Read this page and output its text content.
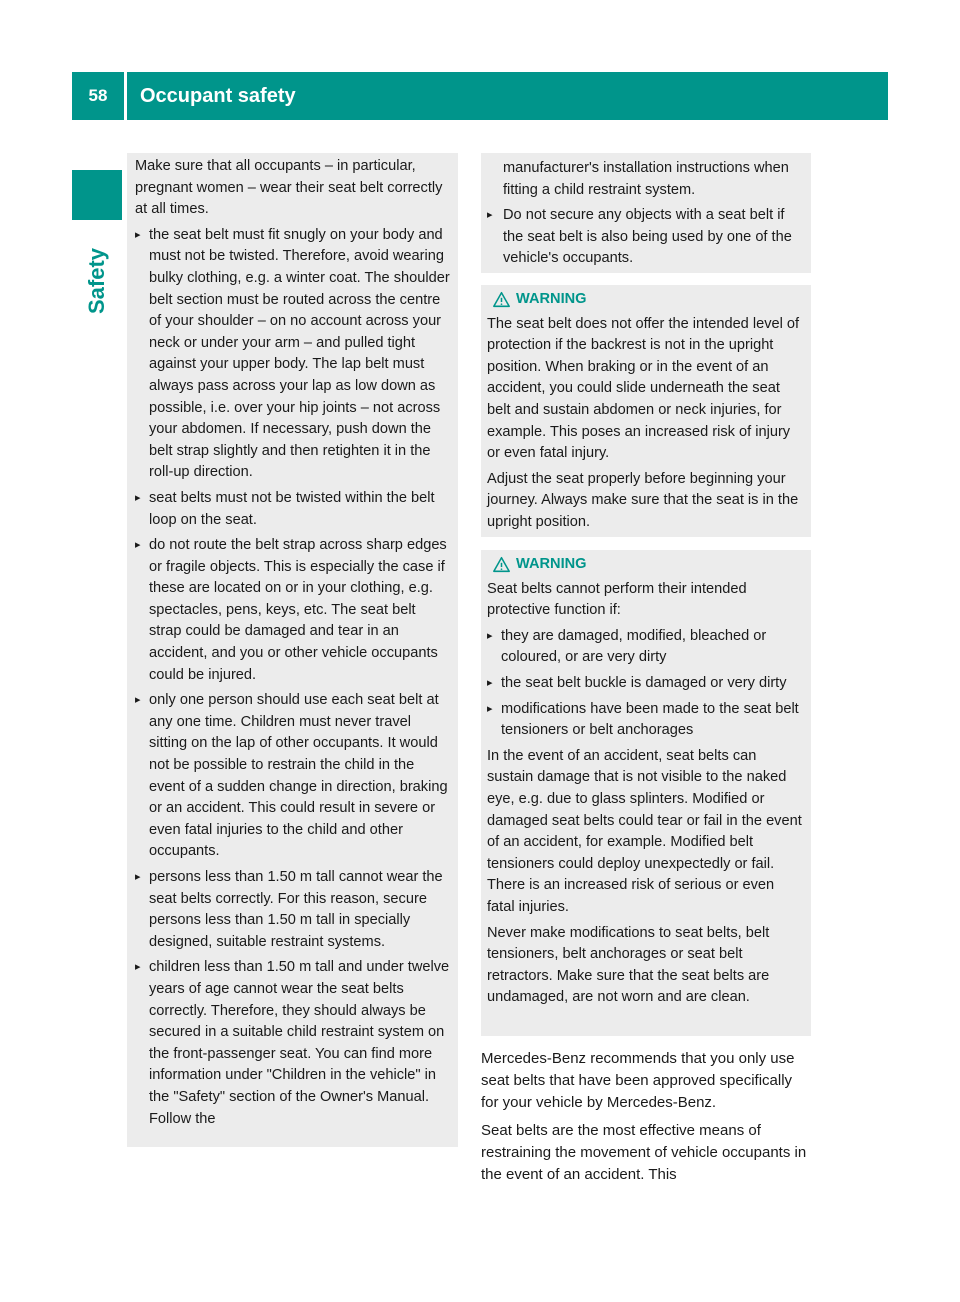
58	Occupant safety
Safety

Make sure that all occupants – in particular, pregnant women – wear their seat belt correctly at all times.

▸ the seat belt must fit snugly on your body and must not be twisted. Therefore, avoid wearing bulky clothing, e.g. a winter coat. The shoulder belt section must be routed across the centre of your shoulder – on no account across your neck or under your arm – and pulled tight against your upper body. The lap belt must always pass across your lap as low down as possible, i.e. over your hip joints – not across your abdomen. If necessary, push down the belt strap slightly and then retighten it in the roll-up direction.
▸ seat belts must not be twisted within the belt loop on the seat.
▸ do not route the belt strap across sharp edges or fragile objects. This is especially the case if these are located on or in your clothing, e.g. spectacles, pens, keys, etc. The seat belt strap could be damaged and tear in an accident, and you or other vehicle occupants could be injured.
▸ only one person should use each seat belt at any one time. Children must never travel sitting on the lap of other occupants. It would not be possible to restrain the child in the event of a sudden change in direction, braking or an accident. This could result in severe or even fatal injuries to the child and other occupants.
▸ persons less than 1.50 m tall cannot wear the seat belts correctly. For this reason, secure persons less than 1.50 m tall in specially designed, suitable restraint systems.
▸ children less than 1.50 m tall and under twelve years of age cannot wear the seat belts correctly. Therefore, they should always be secured in a suitable child restraint system on the front-passenger seat. You can find more information under "Children in the vehicle" in the "Safety" section of the Owner's Manual. Follow the

manufacturer's installation instructions when fitting a child restraint system.

▸ Do not secure any objects with a seat belt if the seat belt is also being used by one of the vehicle's occupants.
WARNING

The seat belt does not offer the intended level of protection if the backrest is not in the upright position. When braking or in the event of an accident, you could slide underneath the seat belt and sustain abdomen or neck injuries, for example. This poses an increased risk of injury or even fatal injury.

Adjust the seat properly before beginning your journey. Always make sure that the seat is in the upright position.

WARNING

Seat belts cannot perform their intended protective function if:

▸ they are damaged, modified, bleached or coloured, or are very dirty
▸ the seat belt buckle is damaged or very dirty
▸ modifications have been made to the seat belt tensioners or belt anchorages

In the event of an accident, seat belts can sustain damage that is not visible to the naked eye, e.g. due to glass splinters. Modified or damaged seat belts could tear or fail in the event of an accident, for example. Modified belt tensioners could deploy unexpectedly or fail. There is an increased risk of serious or even fatal injuries.

Never make modifications to seat belts, belt tensioners, belt anchorages or seat belt retractors. Make sure that the seat belts are undamaged, are not worn and are clean.

Mercedes-Benz recommends that you only use seat belts that have been approved specifically for your vehicle by Mercedes-Benz.

Seat belts are the most effective means of restraining the movement of vehicle occupants in the event of an accident. This
